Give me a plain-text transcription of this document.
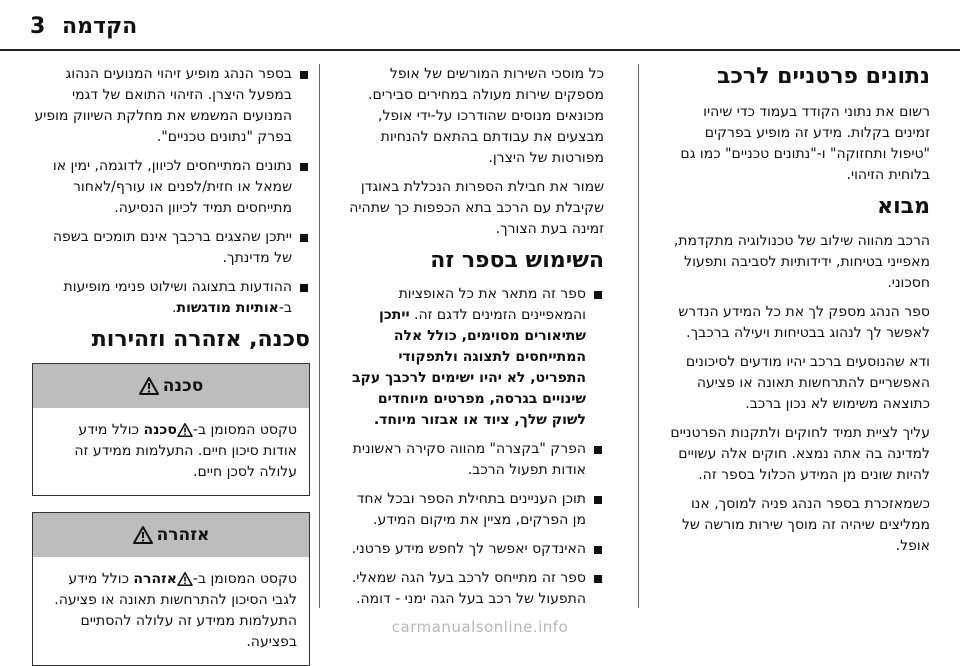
3 הקדמה
נתונים פרטניים לרכב

רשום את נתוני הקודד בעמוד כדי שיהיו זמינים בקלות. מידע זה מופיע בפרקים "טיפול ותחזוקה" ו-"נתונים טכניים" כמו גם בלוחית הזיהוי.

מבוא

הרכב מהווה שילוב של טכנולוגיה מתקדמת, מאפייני בטיחות, ידידותיות לסביבה ותפעול חסכוני.

ספר הנהג מספק לך את כל המידע הנדרש לאפשר לך לנהוג בבטיחות ויעילה ברכבך.

ודא שהנוסעים ברכב יהיו מודעים לסיכונים האפשריים להתרחשות תאונה או פציעה כתוצאה משימוש לא נכון ברכב.

עליך לציית תמיד לחוקים ולתקנות הפרטניים למדינה בה אתה נמצא. חוקים אלה עשויים להיות שונים מן המידע הכלול בספר זה.

כשמאזכרת בספר הנהג פניה למוסך, אנו ממליצים שיהיה זה מוסך שירות מורשה של אופל.

כל מוסכי השירות המורשים של אופל מספקים שירות מעולה במחירים סבירים. מכונאים מנוסים שהודרכו על-ידי אופל, מבצעים את עבודתם בהתאם להנחיות מפורטות של היצרן.

שמור את חבילת הספרות הנכללת באוגדן שקיבלת עם הרכב בתא הכפפות כך שתהיה זמינה בעת הצורך.

השימוש בספר זה
ספר זה מתאר את כל האופציות והמאפיינים הזמינים לדגם זה. ייתכן שתיאורים מסוימים, כולל אלה המתייחסים לתצוגה ולתפקודי התפריט, לא יהיו ישימים לרכבך עקב שינויים בגרסה, מפרטים מיוחדים לשוק שלך, ציוד או אבזור מיוחד.
הפרק "בקצרה" מהווה סקירה ראשונית אודות תפעול הרכב.
תוכן העניינים בתחילת הספר ובכל אחד מן הפרקים, מציין את מיקום המידע.
האינדקס יאפשר לך לחפש מידע פרטני.
ספר זה מתייחס לרכב בעל הגה שמאלי. התפעול של רכב בעל הגה ימני - דומה.
בספר הנהג מופיע זיהוי המנועים הנהוג במפעל היצרן. הזיהוי התואם של דגמי המנועים המשמש את מחלקת השיווק מופיע בפרק "נתונים טכניים".
נתונים המתייחסים לכיוון, לדוגמה, ימין או שמאל או חזית/לפנים או עורף/לאחור מתייחסים תמיד לכיוון הנסיעה.
ייתכן שהצגים ברכבך אינם תומכים בשפה של מדינתך.
ההודעות בתצוגה ושילוט פנימי מופיעות ב-אותיות מודגשות.
סכנה, אזהרה וזהירות
סכנה
טקסט המסומן ב-סכנה כולל מידע אודות סיכון חיים. התעלמות ממידע זה עלולה לסכן חיים.
אזהרה
טקסט המסומן ב-אזהרה כולל מידע לגבי הסיכון להתרחשות תאונה או פציעה. התעלמות ממידע זה עלולה להסתיים בפציעה.
carmanualsonline.info
